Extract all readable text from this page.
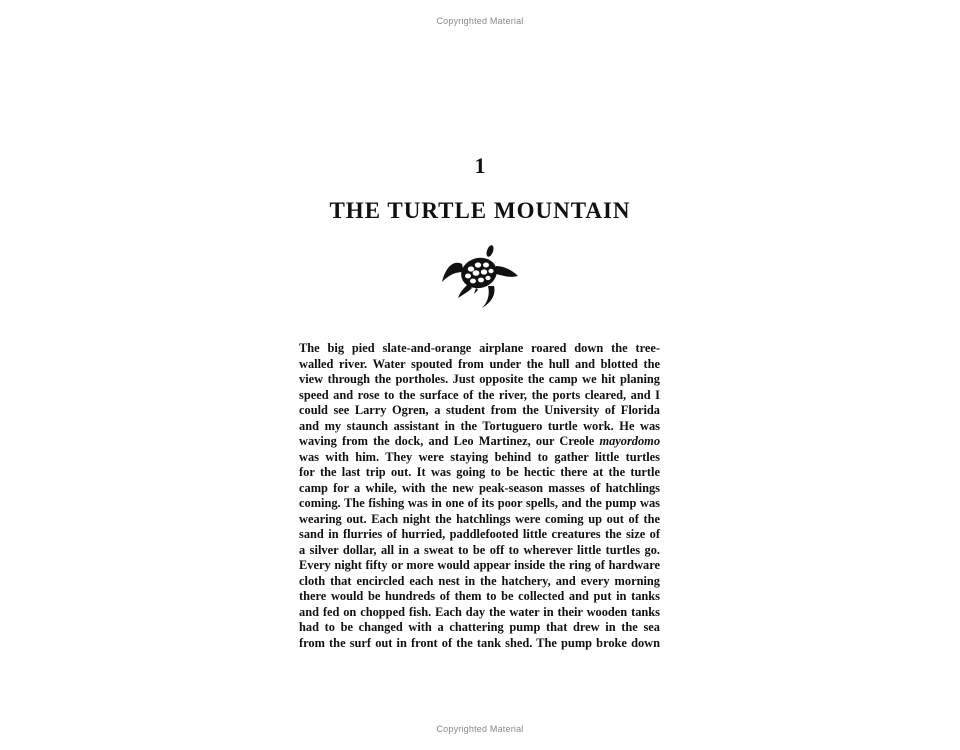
Copyrighted Material
1
THE TURTLE MOUNTAIN
The big pied slate-and-orange airplane roared down the tree-
walled river. Water spouted from under the hull and blotted the
view through the portholes. Just opposite the camp we hit planing
speed and rose to the surface of the river, the ports cleared, and I
could see Larry Ogren, a student from the University of Florida
and my staunch assistant in the Tortuguero turtle work. He was
waving from the dock, and Leo Martinez, our Creole mayordomo
was with him. They were staying behind to gather little turtles
for the last trip out. It was going to be hectic there at the turtle
camp for a while, with the new peak-season masses of hatchlings
coming. The fishing was in one of its poor spells, and the pump was
wearing out. Each night the hatchlings were coming up out of the
sand in flurries of hurried, paddlefooted little creatures the size of
a silver dollar, all in a sweat to be off to wherever little turtles go.
Every night fifty or more would appear inside the ring of hardware
cloth that encircled each nest in the hatchery, and every morning
there would be hundreds of them to be collected and put in tanks
and fed on chopped fish. Each day the water in their wooden tanks
had to be changed with a chattering pump that drew in the sea
from the surf out in front of the tank shed. The pump broke down
Copyrighted Material
